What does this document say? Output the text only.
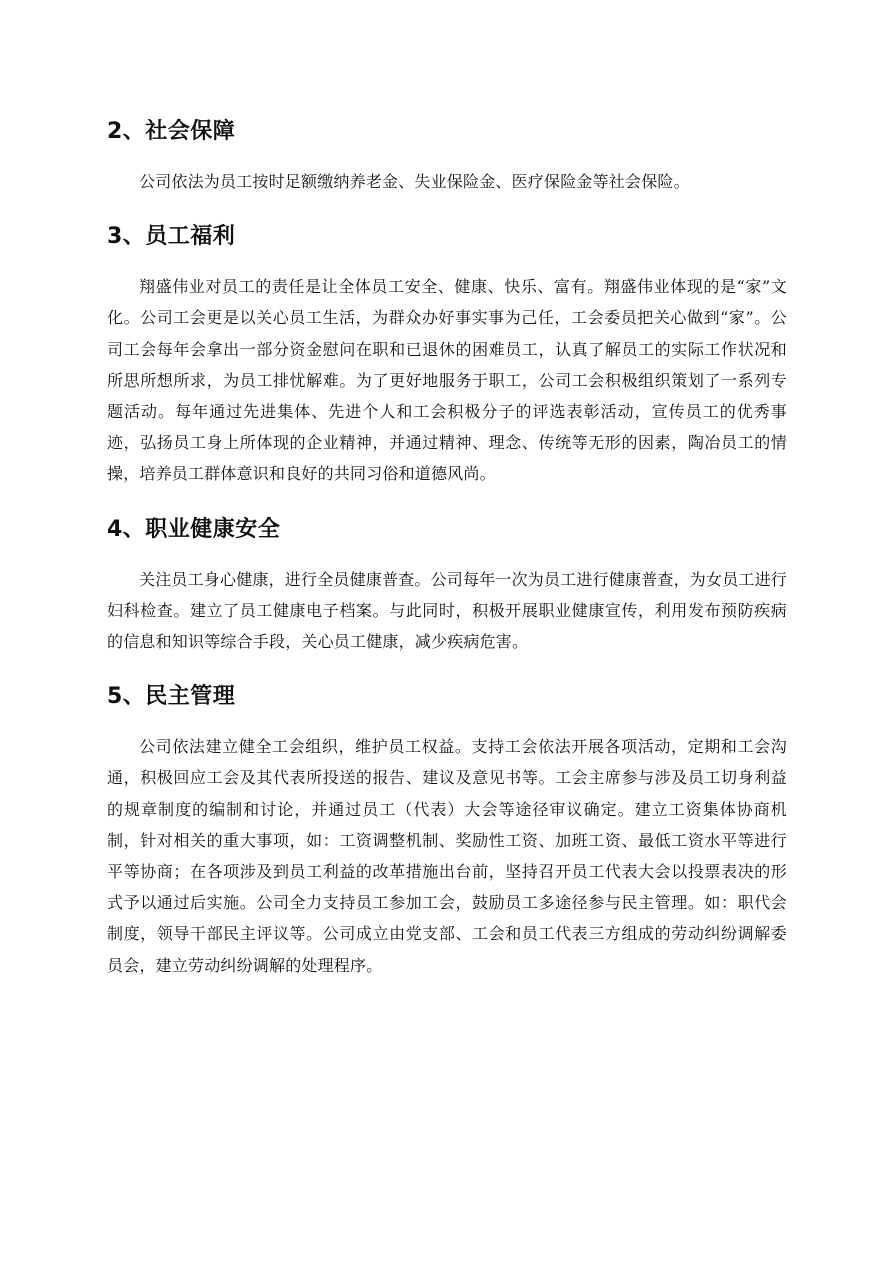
2、社会保障

公司依法为员工按时足额缴纳养老金、失业保险金、医疗保险金等社会保险。

3、员工福利

翔盛伟业对员工的责任是让全体员工安全、健康、快乐、富有。翔盛伟业体现的是“家”文化。公司工会更是以关心员工生活，为群众办好事实事为己任，工会委员把关心做到“家”。公司工会每年会拿出一部分资金慰问在职和已退休的困难员工，认真了解员工的实际工作状况和所思所想所求，为员工排忧解难。为了更好地服务于职工，公司工会积极组织策划了一系列专题活动。每年通过先进集体、先进个人和工会积极分子的评选表彰活动，宣传员工的优秀事迹，弘扬员工身上所体现的企业精神，并通过精神、理念、传统等无形的因素，陶冶员工的情操，培养员工群体意识和良好的共同习俗和道德风尚。

4、职业健康安全

关注员工身心健康，进行全员健康普查。公司每年一次为员工进行健康普查，为女员工进行妇科检查。建立了员工健康电子档案。与此同时，积极开展职业健康宣传，利用发布预防疾病的信息和知识等综合手段，关心员工健康，减少疾病危害。

5、民主管理

公司依法建立健全工会组织，维护员工权益。支持工会依法开展各项活动，定期和工会沟通，积极回应工会及其代表所投送的报告、建议及意见书等。工会主席参与涉及员工切身利益的规章制度的编制和讨论，并通过员工（代表）大会等途径审议确定。建立工资集体协商机制，针对相关的重大事项，如：工资调整机制、奖励性工资、加班工资、最低工资水平等进行平等协商；在各项涉及到员工利益的改革措施出台前，坚持召开员工代表大会以投票表决的形式予以通过后实施。公司全力支持员工参加工会，鼓励员工多途径参与民主管理。如：职代会制度，领导干部民主评议等。公司成立由党支部、工会和员工代表三方组成的劳动纠纷调解委员会，建立劳动纠纷调解的处理程序。
